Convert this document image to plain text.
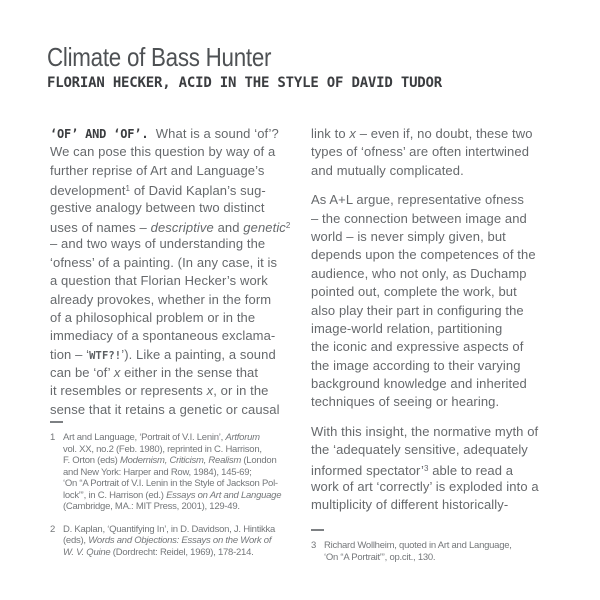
Climate of Bass Hunter
FLORIAN HECKER, ACID IN THE STYLE OF DAVID TUDOR
‘OF’ AND ‘OF’.  What is a sound ‘of’?
We can pose this question by way of a
further reprise of Art and Language’s
development$^1$ of David Kaplan’s sug-
gestive analogy between two distinct
uses of names – descriptive and genetic$^2$
– and two ways of understanding the
‘ofness’ of a painting. (In any case, it is
a question that Florian Hecker’s work
already provokes, whether in the form
of a philosophical problem or in the
immediacy of a spontaneous exclama-
tion – ‘WTF?!’). Like a painting, a sound
can be ‘of’ x either in the sense that
it resembles or represents x, or in the
sense that it retains a genetic or causal
link to x – even if, no doubt, these two
types of ‘ofness’ are often intertwined
and mutually complicated.
As A+L argue, representative ofness
– the connection between image and
world – is never simply given, but
depends upon the competences of the
audience, who not only, as Duchamp
pointed out, complete the work, but
also play their part in configuring the
image-world relation, partitioning
the iconic and expressive aspects of
the image according to their varying
background knowledge and inherited
techniques of seeing or hearing.
With this insight, the normative myth of
the ‘adequately sensitive, adequately
informed spectator’$^3$ able to read a
work of art ‘correctly’ is exploded into a
multiplicity of different historically-
1 Art and Language, ‘Portrait of V.I. Lenin’, Artforum
vol. XX, no.2 (Feb. 1980), reprinted in C. Harrison,
F. Orton (eds) Modernism, Criticism, Realism (London
and New York: Harper and Row, 1984), 145-69;
‘On “A Portrait of V.I. Lenin in the Style of Jackson Pol-
lock”’, in C. Harrison (ed.) Essays on Art and Language
(Cambridge, MA.: MIT Press, 2001), 129-49.
2 D. Kaplan, ‘Quantifying In’, in D. Davidson, J. Hintikka
(eds), Words and Objections: Essays on the Work of
W. V. Quine (Dordrecht: Reidel, 1969), 178-214.
3 Richard Wollheim, quoted in Art and Language,
‘On “A Portrait”’, op.cit., 130.
